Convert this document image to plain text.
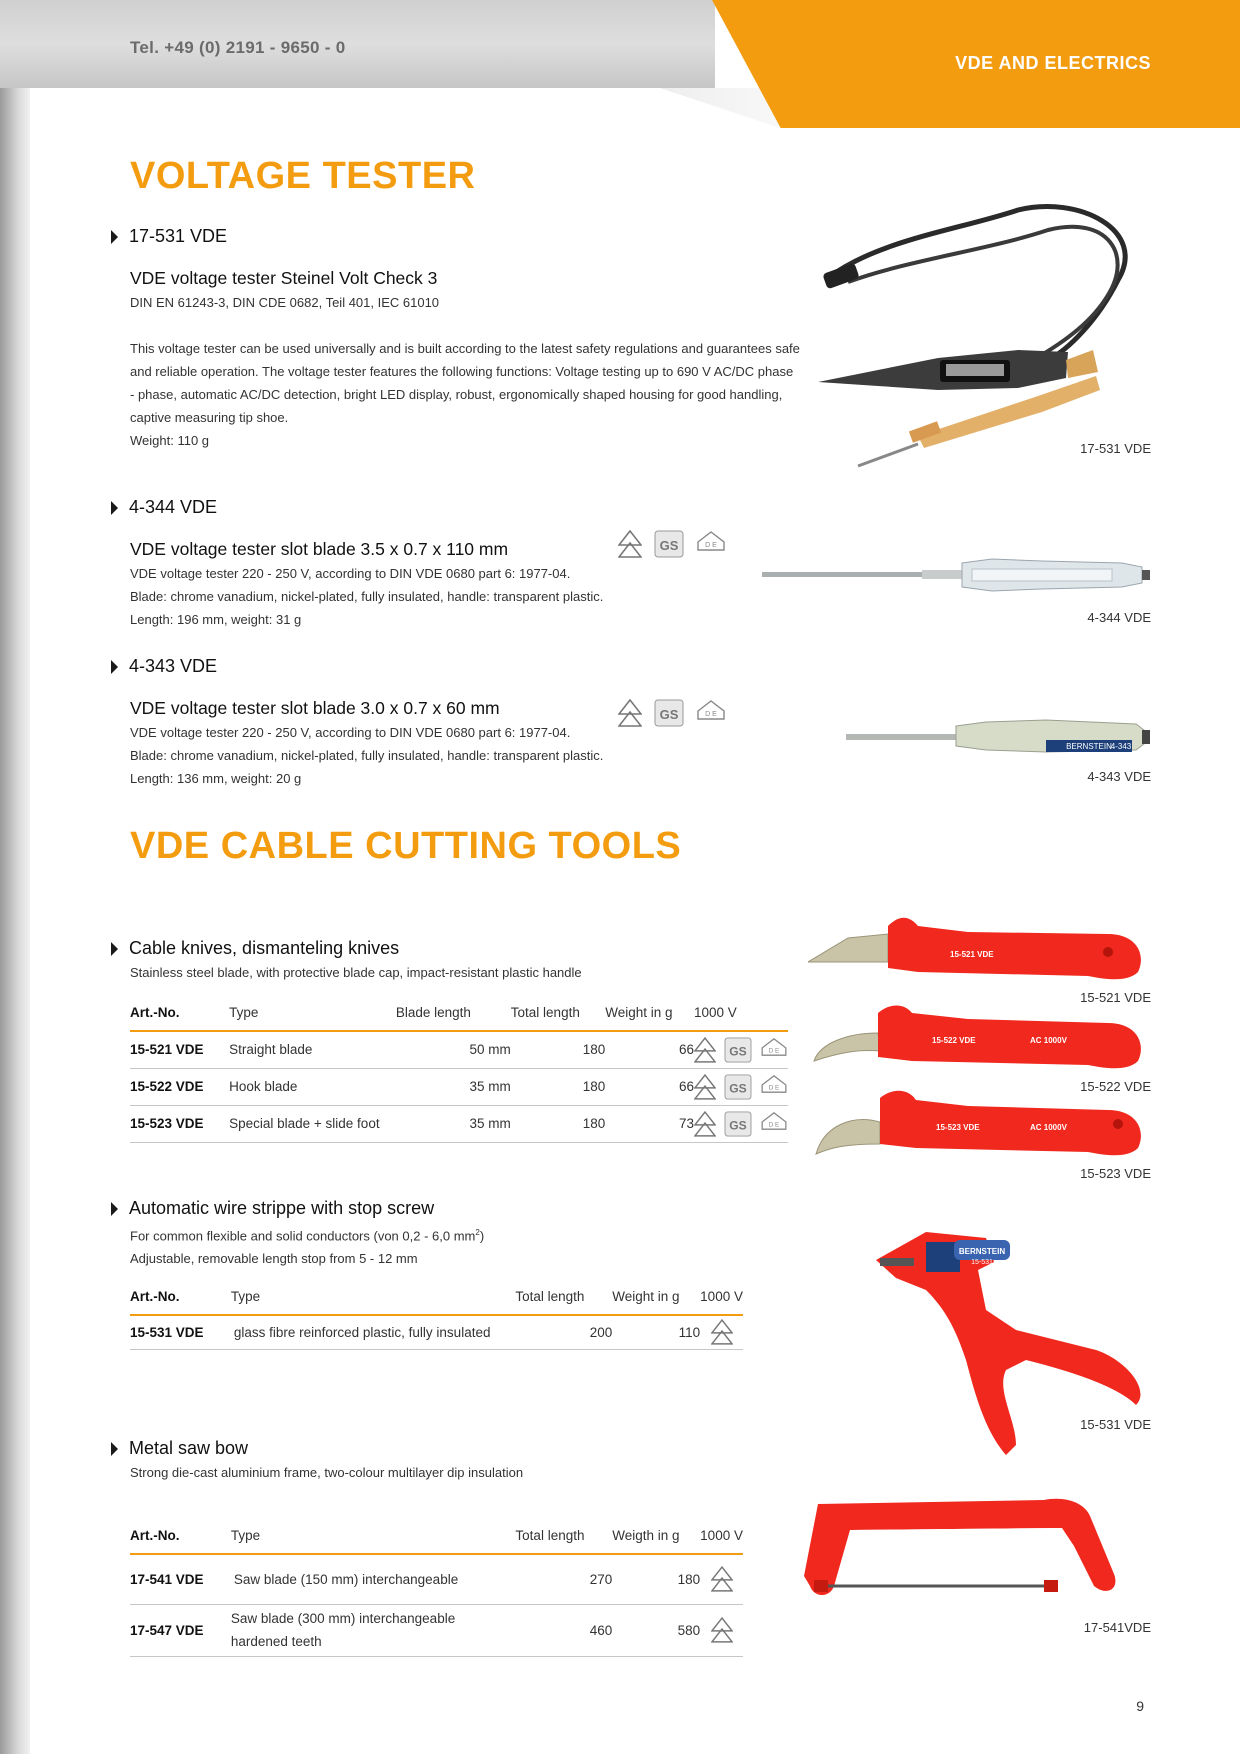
Tel. +49 (0) 2191 - 9650 - 0
VDE AND ELECTRICS
VOLTAGE TESTER
17-531 VDE
VDE voltage tester Steinel Volt Check 3
DIN EN 61243-3, DIN CDE 0682, Teil 401, IEC 61010
This voltage tester can be used universally and is built according to the latest safety regulations and guarantees safe
and reliable operation. The voltage tester features the following functions: Voltage testing up to 690 V AC/DC phase
- phase, automatic AC/DC detection, bright LED display, robust, ergonomically shaped housing for good handling,
captive measuring tip shoe.
Weight: 110 g
17-531 VDE
4-344 VDE
VDE voltage tester slot blade 3.5 x 0.7 x 110 mm
VDE voltage tester 220 - 250 V, according to DIN VDE 0680 part 6: 1977-04.
Blade: chrome vanadium, nickel-plated, fully insulated, handle: transparent plastic.
Length: 196 mm, weight: 31 g
GS	D E
4-344 VDE
4-343 VDE
VDE voltage tester slot blade 3.0 x 0.7 x 60 mm
VDE voltage tester 220 - 250 V, according to DIN VDE 0680 part 6: 1977-04.
Blade: chrome vanadium, nickel-plated, fully insulated, handle: transparent plastic.
Length: 136 mm, weight: 20 g
GS	D E
BERNSTEIN
4-343
4-343 VDE
VDE CABLE CUTTING TOOLS
Cable knives, dismanteling knives
Stainless steel blade, with protective blade cap, impact-resistant plastic handle
Art.-No.	Type	Blade length	Total length	Weight in g	1000 V
15-521 VDE	Straight blade	50 mm	180	66	GS D E

15-522 VDE	Hook blade	35 mm	180	66	GS D E

15-523 VDE	Special blade + slide foot	35 mm	180	73	GS D E
15-521 VDE
15-521 VDE
15-522 VDE	AC 1000V
15-522 VDE
15-523 VDE	AC 1000V
15-523 VDE
Automatic wire strippe with stop screw
For common flexible and solid conductors (von 0,2 - 6,0 $mm^2$)
Adjustable, removable length stop from 5 - 12 mm
Art.-No.	Type	Total length	Weight in g	1000 V
15-531 VDE	glass fibre reinforced plastic, fully insulated	200	110	
BERNSTEIN
15-531
15-531 VDE
Metal saw bow
Strong die-cast aluminium frame, two-colour multilayer dip insulation
Art.-No.	Type	Total length	Weigth in g	1000 V
17-541 VDE	Saw blade (150 mm) interchangeable	270	180	
17-547 VDE	Saw blade (300 mm) interchangeable
hardened teeth	460	580		17-541VDE
9
